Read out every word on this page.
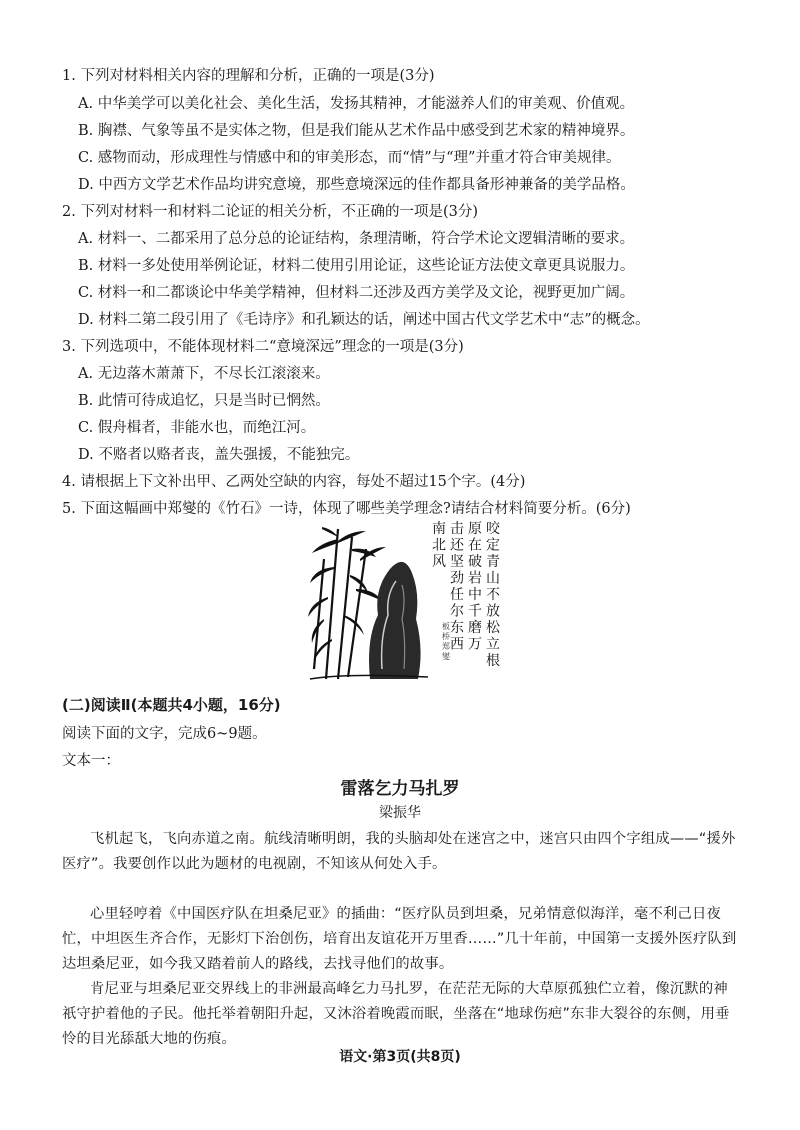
1. 下列对材料相关内容的理解和分析，正确的一项是(3分)
A. 中华美学可以美化社会、美化生活，发扬其精神，才能滋养人们的审美观、价值观。
B. 胸襟、气象等虽不是实体之物，但是我们能从艺术作品中感受到艺术家的精神境界。
C. 感物而动，形成理性与情感中和的审美形态，而“情”与“理”并重才符合审美规律。
D. 中西方文学艺术作品均讲究意境，那些意境深远的佳作都具备形神兼备的美学品格。
2. 下列对材料一和材料二论证的相关分析，不正确的一项是(3分)
A. 材料一、二都采用了总分总的论证结构，条理清晰，符合学术论文逻辑清晰的要求。
B. 材料一多处使用举例论证，材料二使用引用论证，这些论证方法使文章更具说服力。
C. 材料一和二都谈论中华美学精神，但材料二还涉及西方美学及文论，视野更加广阔。
D. 材料二第二段引用了《毛诗序》和孔颖达的话，阐述中国古代文学艺术中“志”的概念。
3. 下列选项中，不能体现材料二“意境深远”理念的一项是(3分)
A. 无边落木萧萧下，不尽长江滚滚来。
B. 此情可待成追忆，只是当时已惘然。
C. 假舟楫者，非能水也，而绝江河。
D. 不赂者以赂者丧，盖失强援，不能独完。
4. 请根据上下文补出甲、乙两处空缺的内容，每处不超过15个字。(4分)
5. 下面这幅画中郑燮的《竹石》一诗，体现了哪些美学理念?请结合材料简要分析。(6分)
咬定青山不放松立根
原在破岩中千磨万
击还坚劲任尔东西
南北风
板桥郑燮
(二)阅读Ⅱ(本题共4小题，16分)
阅读下面的文字，完成6~9题。
文本一：
雷落乞力马扎罗
梁振华
飞机起飞，飞向赤道之南。航线清晰明朗，我的头脑却处在迷宫之中，迷宫只由四个字组成——“援外医疗”。我要创作以此为题材的电视剧，不知该从何处入手。
心里轻哼着《中国医疗队在坦桑尼亚》的插曲：“医疗队员到坦桑，兄弟情意似海洋，毫不利己日夜忙，中坦医生齐合作，无影灯下治创伤，培育出友谊花开万里香……”几十年前，中国第一支援外医疗队到达坦桑尼亚，如今我又踏着前人的路线，去找寻他们的故事。
肯尼亚与坦桑尼亚交界线上的非洲最高峰乞力马扎罗，在茫茫无际的大草原孤独伫立着，像沉默的神祇守护着他的子民。他托举着朝阳升起，又沐浴着晚霞而眠，坐落在“地球伤疤”东非大裂谷的东侧，用垂怜的目光舔舐大地的伤痕。
语文·第3页(共8页)
